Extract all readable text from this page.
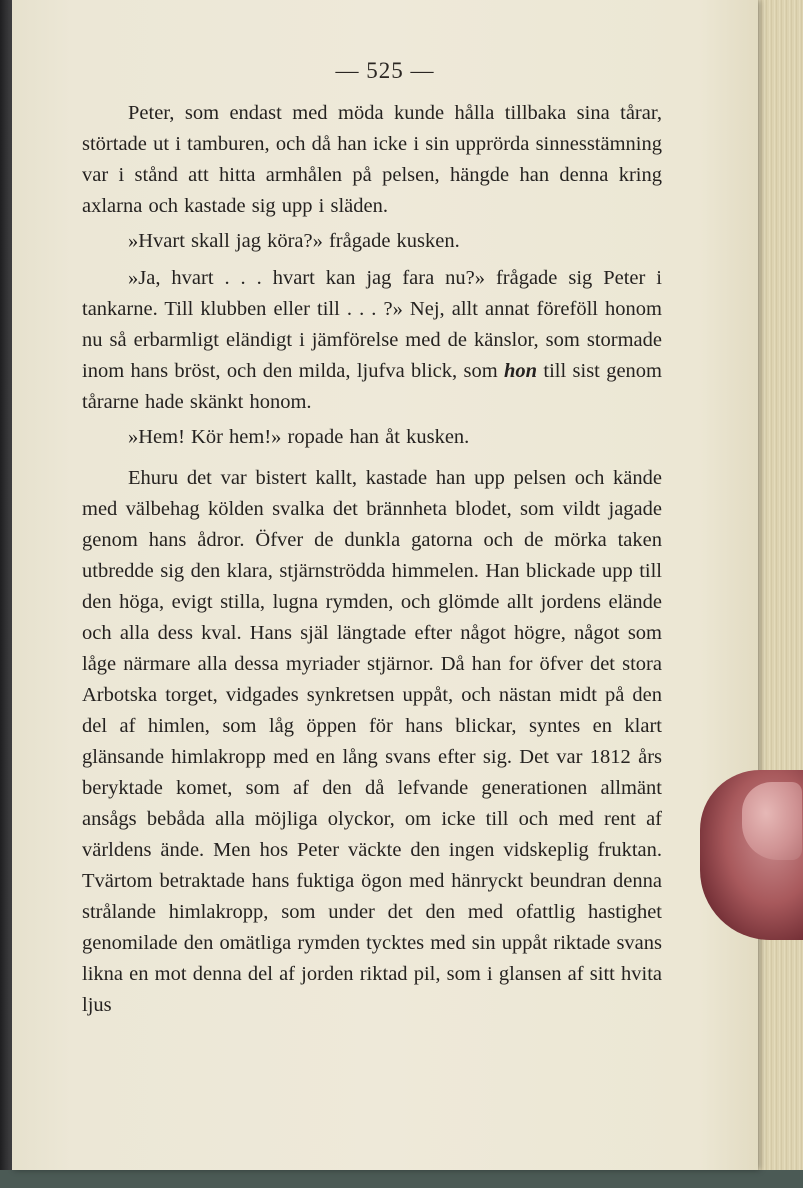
— 525 —

Peter, som endast med möda kunde hålla tillbaka sina tårar, störtade ut i tamburen, och då han icke i sin upprörda sinnesstämning var i stånd att hitta armhålen på pelsen, hängde han denna kring axlarna och kastade sig upp i släden.

»Hvart skall jag köra?» frågade kusken.

»Ja, hvart . . . hvart kan jag fara nu?» frågade sig Peter i tankarne. Till klubben eller till . . . ?» Nej, allt annat föreföll honom nu så erbarmligt eländigt i jämförelse med de känslor, som stormade inom hans bröst, och den milda, ljufva blick, som hon till sist genom tårarne hade skänkt honom.

»Hem! Kör hem!» ropade han åt kusken.

Ehuru det var bistert kallt, kastade han upp pelsen och kände med välbehag kölden svalka det brännheta blodet, som vildt jagade genom hans ådror. Öfver de dunkla gatorna och de mörka taken utbredde sig den klara, stjärnströdda himmelen. Han blickade upp till den höga, evigt stilla, lugna rymden, och glömde allt jordens elände och alla dess kval. Hans själ längtade efter något högre, något som låge närmare alla dessa myriader stjärnor. Då han for öfver det stora Arbotska torget, vidgades synkretsen uppåt, och nästan midt på den del af himlen, som låg öppen för hans blickar, syntes en klart glänsande himlakropp med en lång svans efter sig. Det var 1812 års beryktade komet, som af den då lefvande generationen allmänt ansågs bebåda alla möjliga olyckor, om icke till och med rent af världens ände. Men hos Peter väckte den ingen vidskeplig fruktan. Tvärtom betraktade hans fuktiga ögon med hänryckt beundran denna strålande himlakropp, som under det den med ofattlig hastighet genomilade den omätliga rymden tycktes med sin uppåt riktade svans likna en mot denna del af jorden riktad pil, som i glansen af sitt hvita ljus
